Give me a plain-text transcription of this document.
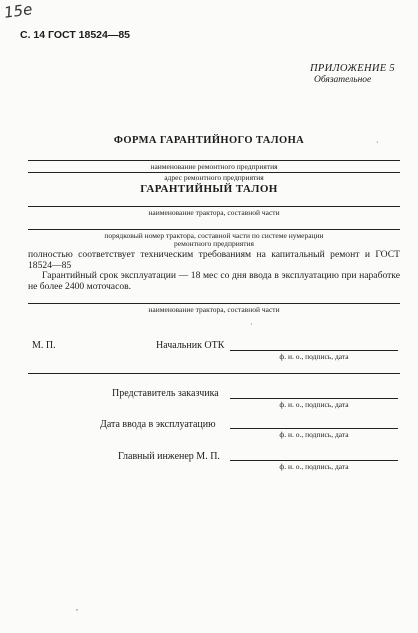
15e
С. 14 ГОСТ 18524—85
ПРИЛОЖЕНИЕ 5
Обязательное
ФОРМА ГАРАНТИЙНОГО ТАЛОНА
наименование ремонтного предприятия
·
адрес ремонтного предприятия
ГАРАНТИЙНЫЙ ТАЛОН
наименование трактора, составной части
порядковый номер трактора, составной части по системе нумерации
ремонтного предприятия
полностью соответствует техническим требованиям на капитальный ремонт и ГОСТ 18524—85
Гарантийный срок эксплуатации — 18 мес со дня ввода в эксплуатацию при наработке не более 2400 моточасов.
наименование трактора, составной части
·
М. П.	Начальник ОТК
ф. и. о., подпись, дата
Представитель заказчика
ф. и. о., подпись, дата
Дата ввода в эксплуатацию
ф. и. о., подпись, дата
Главный инженер М. П.
ф. и. о., подпись, дата
,
